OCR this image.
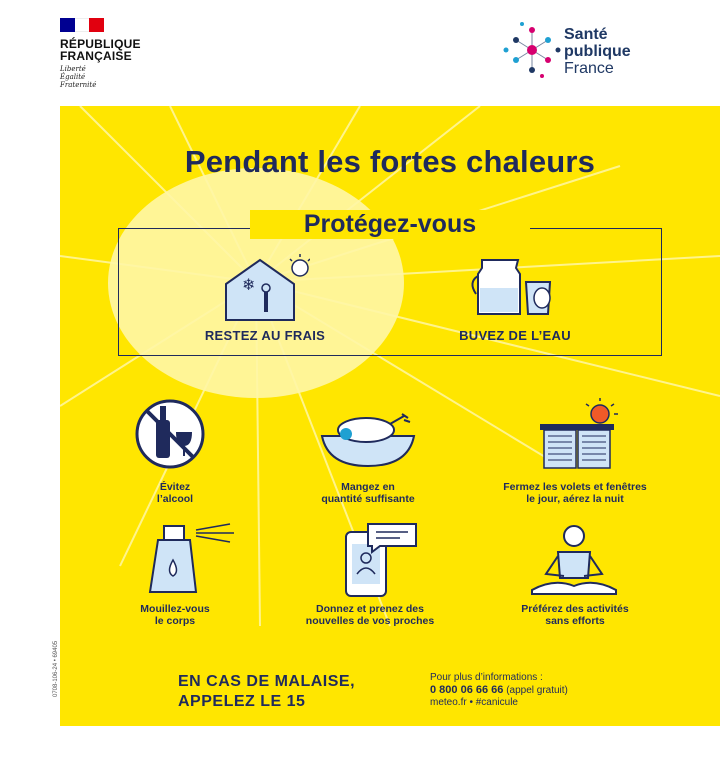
RÉPUBLIQUE
FRANÇAISE
Liberté
Égalité
Fraternité
Santé
publique
France
Pendant les fortes chaleurs
Protégez-vous
❄
RESTEZ AU FRAIS	BUVEZ DE L’EAU
Évitez
l’alcool
Mangez en
quantité suffisante
Fermez les volets et fenêtres
le jour, aérez la nuit
Mouillez-vous
le corps
Donnez et prenez des
nouvelles de vos proches
Préférez des activités
sans efforts
EN CAS DE MALAISE,
APPELEZ LE 15
Pour plus d’informations :
0 800 06 66 66 (appel gratuit)
meteo.fr • #canicule
0708-106-24 • 69405
